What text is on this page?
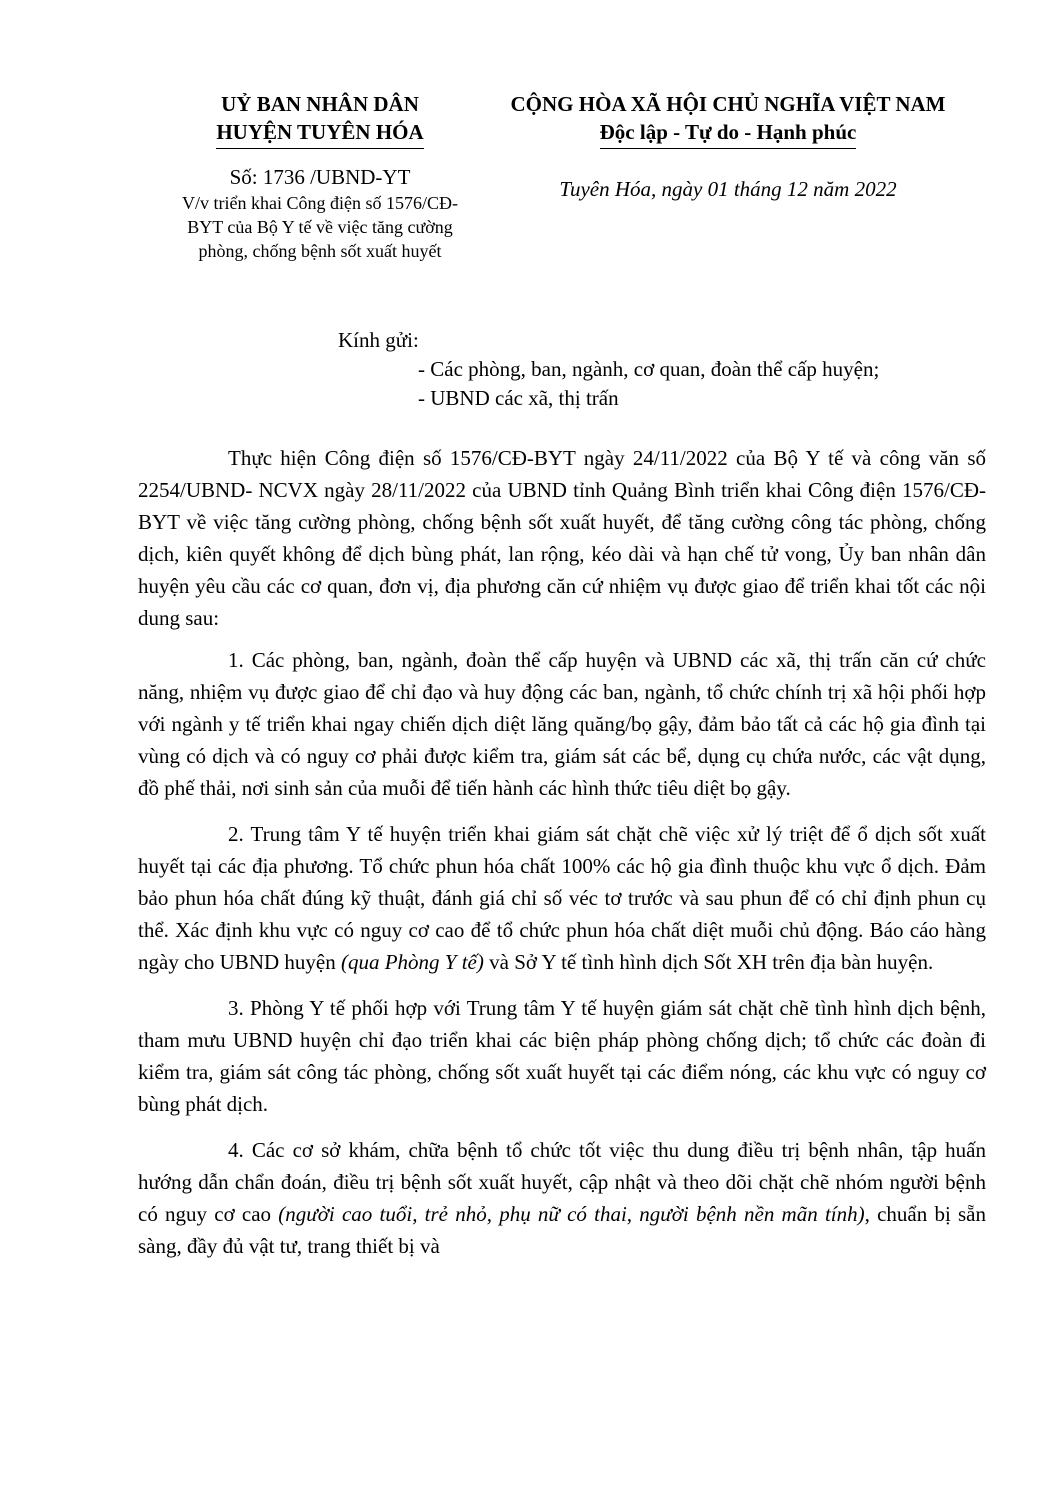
UỶ BAN NHÂN DÂN
HUYỆN TUYÊN HÓA
Số: 1736 /UBND-YT
V/v triển khai Công điện số 1576/CĐ-BYT của Bộ Y tế về việc tăng cường phòng, chống bệnh sốt xuất huyết
CỘNG HÒA XÃ HỘI CHỦ NGHĨA VIỆT NAM
Độc lập - Tự do - Hạnh phúc
Tuyên Hóa, ngày 01 tháng 12 năm 2022
Kính gửi:
- Các phòng, ban, ngành, cơ quan, đoàn thể cấp huyện;
- UBND các xã, thị trấn

Thực hiện Công điện số 1576/CĐ-BYT ngày 24/11/2022 của Bộ Y tế và công văn số 2254/UBND- NCVX ngày 28/11/2022 của UBND tỉnh Quảng Bình triển khai Công điện 1576/CĐ-BYT về việc tăng cường phòng, chống bệnh sốt xuất huyết, để tăng cường công tác phòng, chống dịch, kiên quyết không để dịch bùng phát, lan rộng, kéo dài và hạn chế tử vong, Ủy ban nhân dân huyện yêu cầu các cơ quan, đơn vị, địa phương căn cứ nhiệm vụ được giao để triển khai tốt các nội dung sau:

1. Các phòng, ban, ngành, đoàn thể cấp huyện và UBND các xã, thị trấn căn cứ chức năng, nhiệm vụ được giao để chỉ đạo và huy động các ban, ngành, tổ chức chính trị xã hội phối hợp với ngành y tế triển khai ngay chiến dịch diệt lăng quăng/bọ gậy, đảm bảo tất cả các hộ gia đình tại vùng có dịch và có nguy cơ phải được kiểm tra, giám sát các bể, dụng cụ chứa nước, các vật dụng, đồ phế thải, nơi sinh sản của muỗi để tiến hành các hình thức tiêu diệt bọ gậy.

2. Trung tâm Y tế huyện triển khai giám sát chặt chẽ việc xử lý triệt để ổ dịch sốt xuất huyết tại các địa phương. Tổ chức phun hóa chất 100% các hộ gia đình thuộc khu vực ổ dịch. Đảm bảo phun hóa chất đúng kỹ thuật, đánh giá chỉ số véc tơ trước và sau phun để có chỉ định phun cụ thể. Xác định khu vực có nguy cơ cao để tổ chức phun hóa chất diệt muỗi chủ động. Báo cáo hàng ngày cho UBND huyện (qua Phòng Y tế) và Sở Y tế tình hình dịch Sốt XH trên địa bàn huyện.

3. Phòng Y tế phối hợp với Trung tâm Y tế huyện giám sát chặt chẽ tình hình dịch bệnh, tham mưu UBND huyện chỉ đạo triển khai các biện pháp phòng chống dịch; tổ chức các đoàn đi kiểm tra, giám sát công tác phòng, chống sốt xuất huyết tại các điểm nóng, các khu vực có nguy cơ bùng phát dịch.

4. Các cơ sở khám, chữa bệnh tổ chức tốt việc thu dung điều trị bệnh nhân, tập huấn hướng dẫn chẩn đoán, điều trị bệnh sốt xuất huyết, cập nhật và theo dõi chặt chẽ nhóm người bệnh có nguy cơ cao (người cao tuổi, trẻ nhỏ, phụ nữ có thai, người bệnh nền mãn tính), chuẩn bị sẵn sàng, đầy đủ vật tư, trang thiết bị và
